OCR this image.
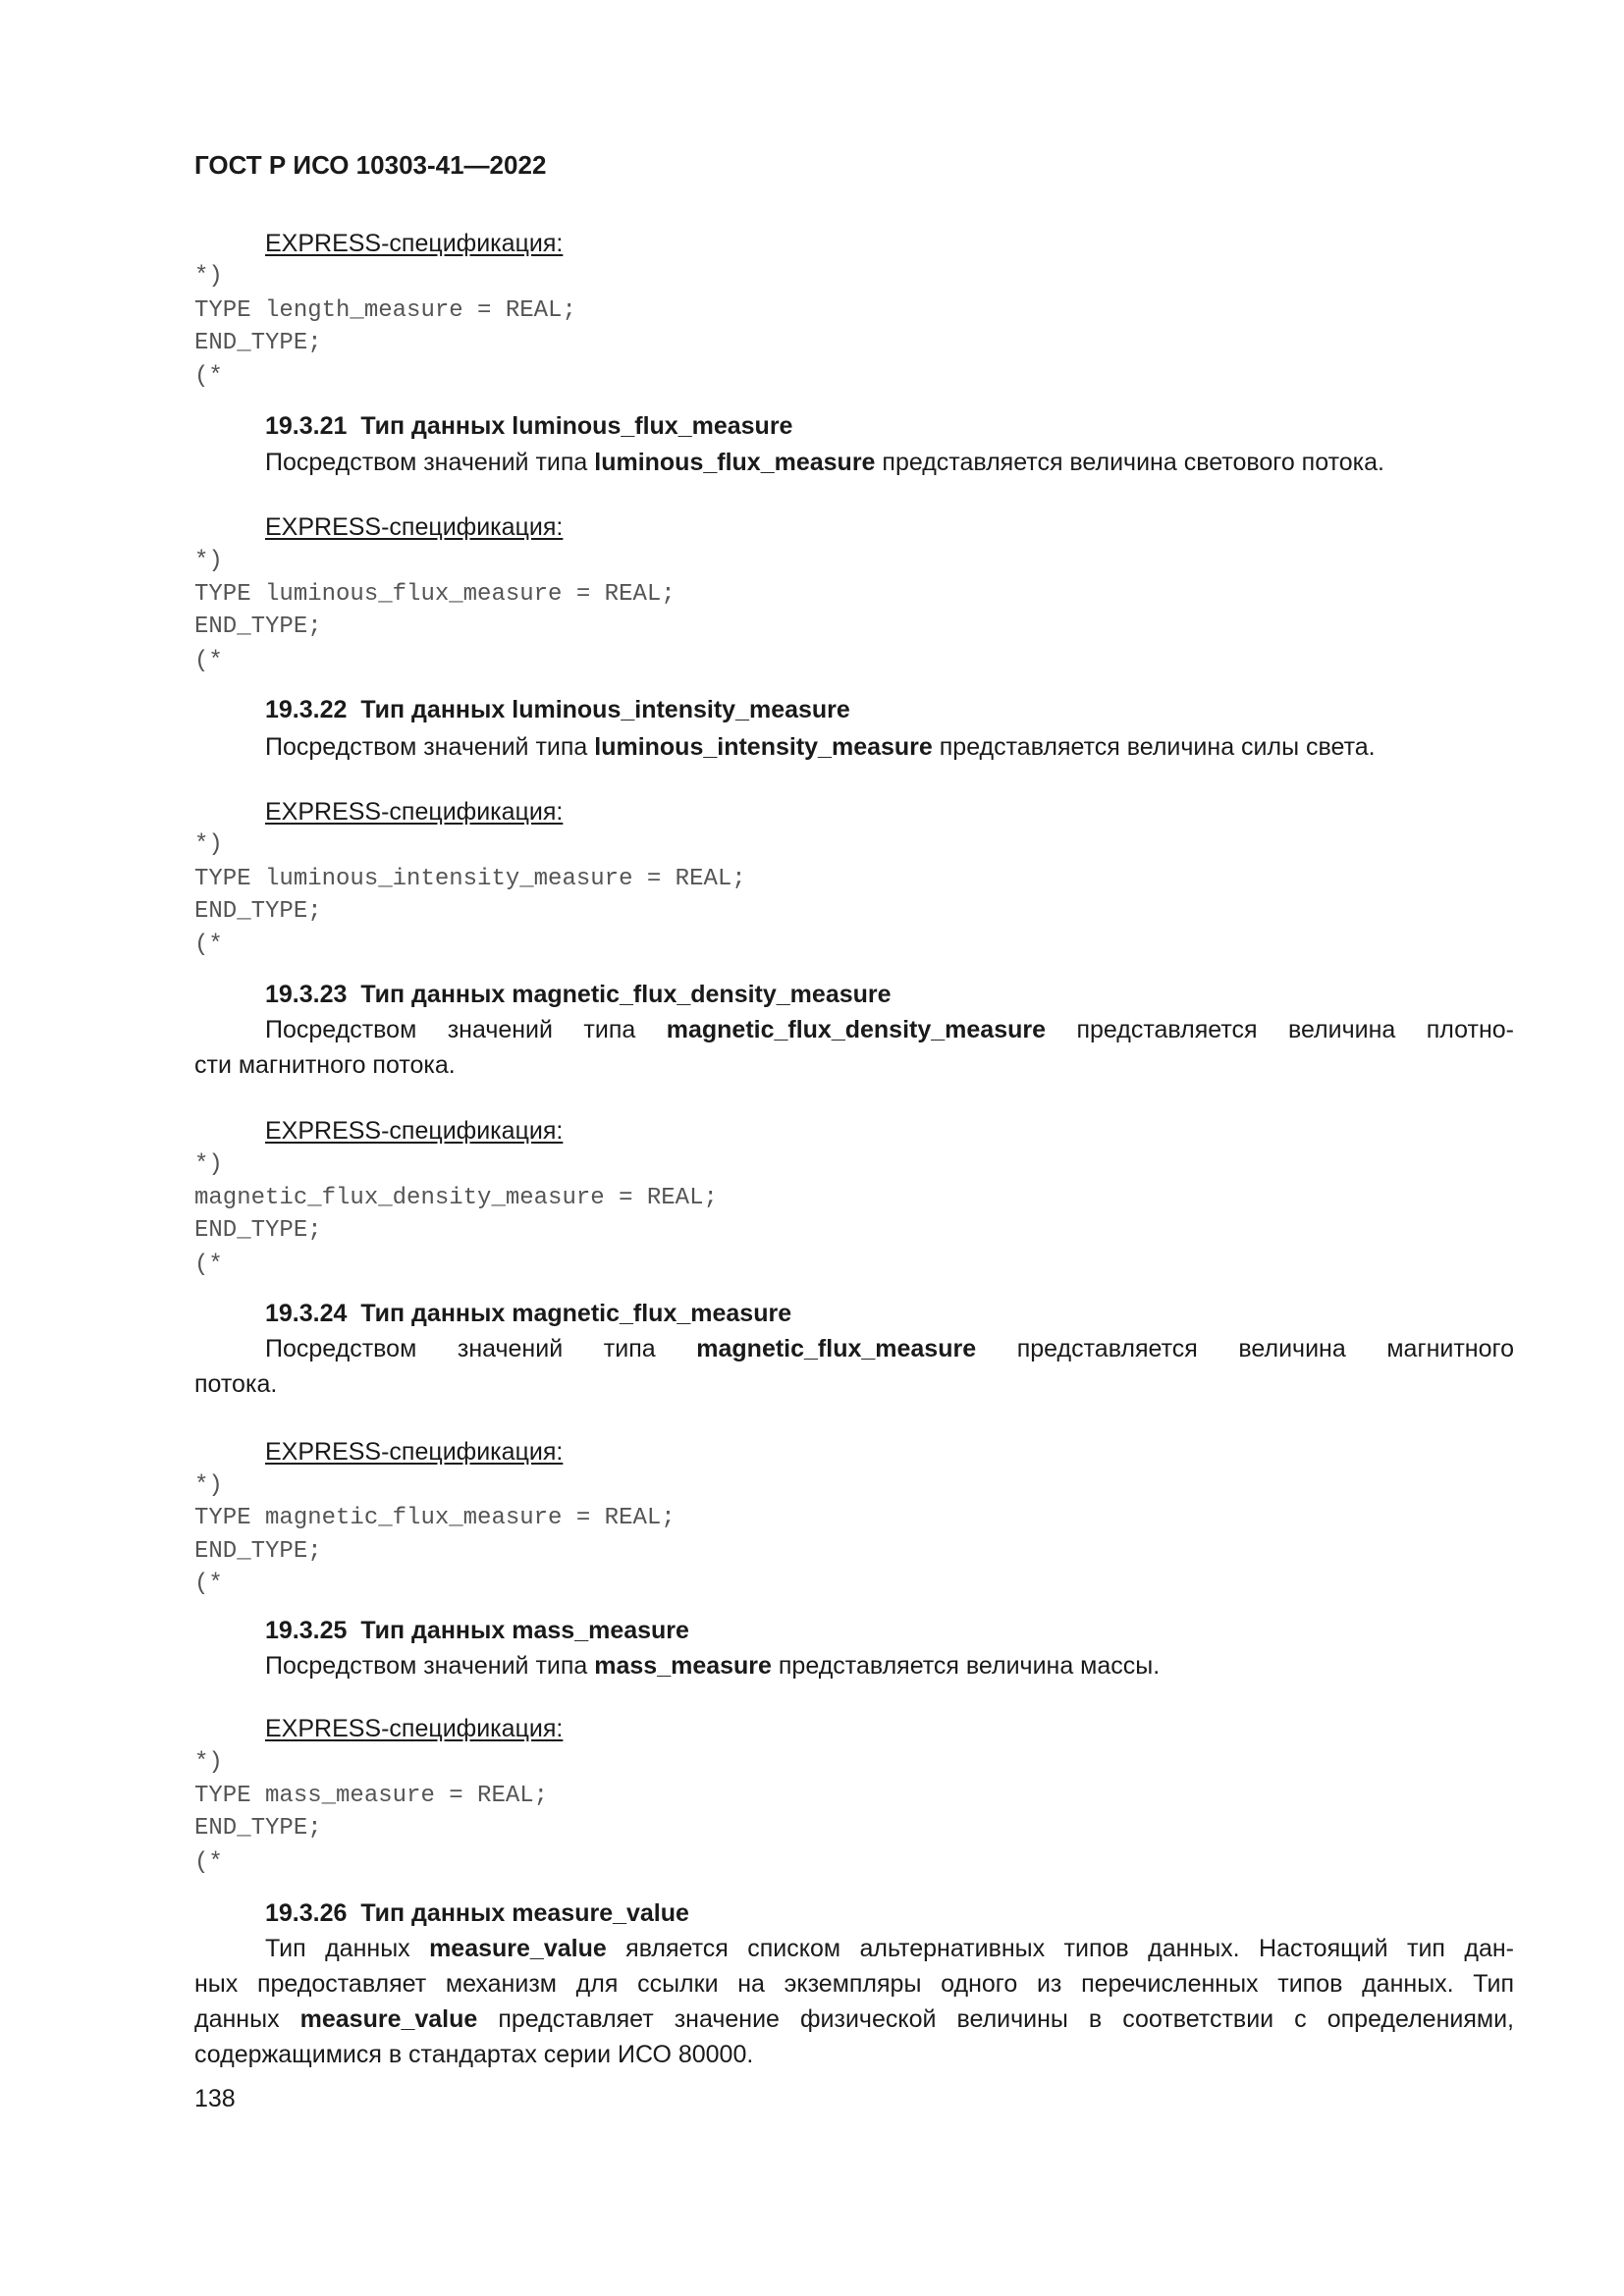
ГОСТ Р ИСО 10303-41—2022
EXPRESS-спецификация:
*)
TYPE length_measure = REAL;
END_TYPE;
(*
19.3.21 Тип данных luminous_flux_measure
Посредством значений типа luminous_flux_measure представляется величина светового потока.
EXPRESS-спецификация:
*)
TYPE luminous_flux_measure = REAL;
END_TYPE;
(*
19.3.22 Тип данных luminous_intensity_measure
Посредством значений типа luminous_intensity_measure представляется величина силы света.
EXPRESS-спецификация:
*)
TYPE luminous_intensity_measure = REAL;
END_TYPE;
(*
19.3.23 Тип данных magnetic_flux_density_measure
Посредством значений типа magnetic_flux_density_measure представляется величина плотно-
сти магнитного потока.
EXPRESS-спецификация:
*)
magnetic_flux_density_measure = REAL;
END_TYPE;
(*
19.3.24 Тип данных magnetic_flux_measure
Посредством значений типа magnetic_flux_measure представляется величина магнитного
потока.
EXPRESS-спецификация:
*)
TYPE magnetic_flux_measure = REAL;
END_TYPE;
(*
19.3.25 Тип данных mass_measure
Посредством значений типа mass_measure представляется величина массы.
EXPRESS-спецификация:
*)
TYPE mass_measure = REAL;
END_TYPE;
(*
19.3.26 Тип данных measure_value
Тип данных measure_value является списком альтернативных типов данных. Настоящий тип дан-
ных предоставляет механизм для ссылки на экземпляры одного из перечисленных типов данных. Тип
данных measure_value представляет значение физической величины в соответствии с определениями,
содержащимися в стандартах серии ИСО 80000.
138
